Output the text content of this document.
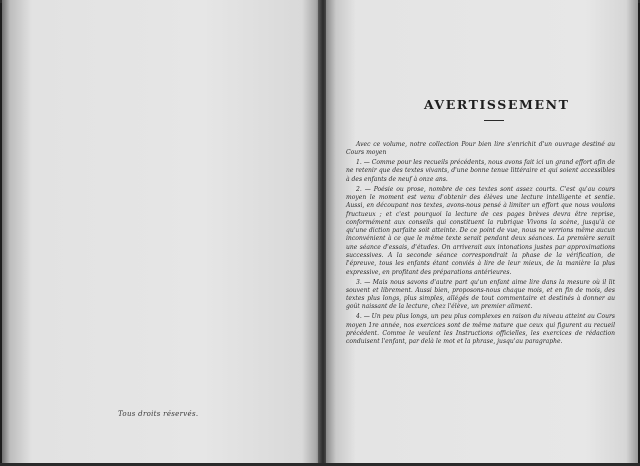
Tous droits réservés.
AVERTISSEMENT

Avec ce volume, notre collection Pour bien lire s'enrichit d'un ouvrage destiné au Cours moyen

1. — Comme pour les recueils précédents, nous avons fait ici un grand effort afin de ne retenir que des textes vivants, d'une bonne tenue littéraire et qui soient accessibles à des enfants de neuf à onze ans.

2. — Poésie ou prose, nombre de ces textes sont assez courts. C'est qu'au cours moyen le moment est venu d'obtenir des élèves une lecture intelligente et sentie. Aussi, en découpant nos textes, avons-nous pensé à limiter un effort que nous voulons fructueux ; et c'est pourquoi la lecture de ces pages brèves devra être reprise, conformément aux conseils qui constituent la rubrique Vivons la scène, jusqu'à ce qu'une diction parfaite soit atteinte. De ce point de vue, nous ne verrions même aucun inconvénient à ce que le même texte serait pendant deux séances. La première serait une séance d'essais, d'études. On arriverait aux intonations justes par approximations successives. A la seconde séance correspondrait la phase de la vérification, de l'épreuve, tous les enfants étant conviés à lire de leur mieux, de la manière la plus expressive, en profitant des préparations antérieures.

3. — Mais nous savons d'autre part qu'un enfant aime lire dans la mesure où il lit souvent et librement. Aussi bien, proposons-nous chaque mois, et en fin de mois, des textes plus longs, plus simples, allégés de tout commentaire et destinés à donner au goût naissant de la lecture, chez l'élève, un premier aliment.

4. — Un peu plus longs, un peu plus complexes en raison du niveau atteint au Cours moyen 1re année, nos exercices sont de même nature que ceux qui figurent au recueil précédent. Comme le veulent les Instructions officielles, les exercices de rédaction conduisent l'enfant, par delà le mot et la phrase, jusqu'au paragraphe.
